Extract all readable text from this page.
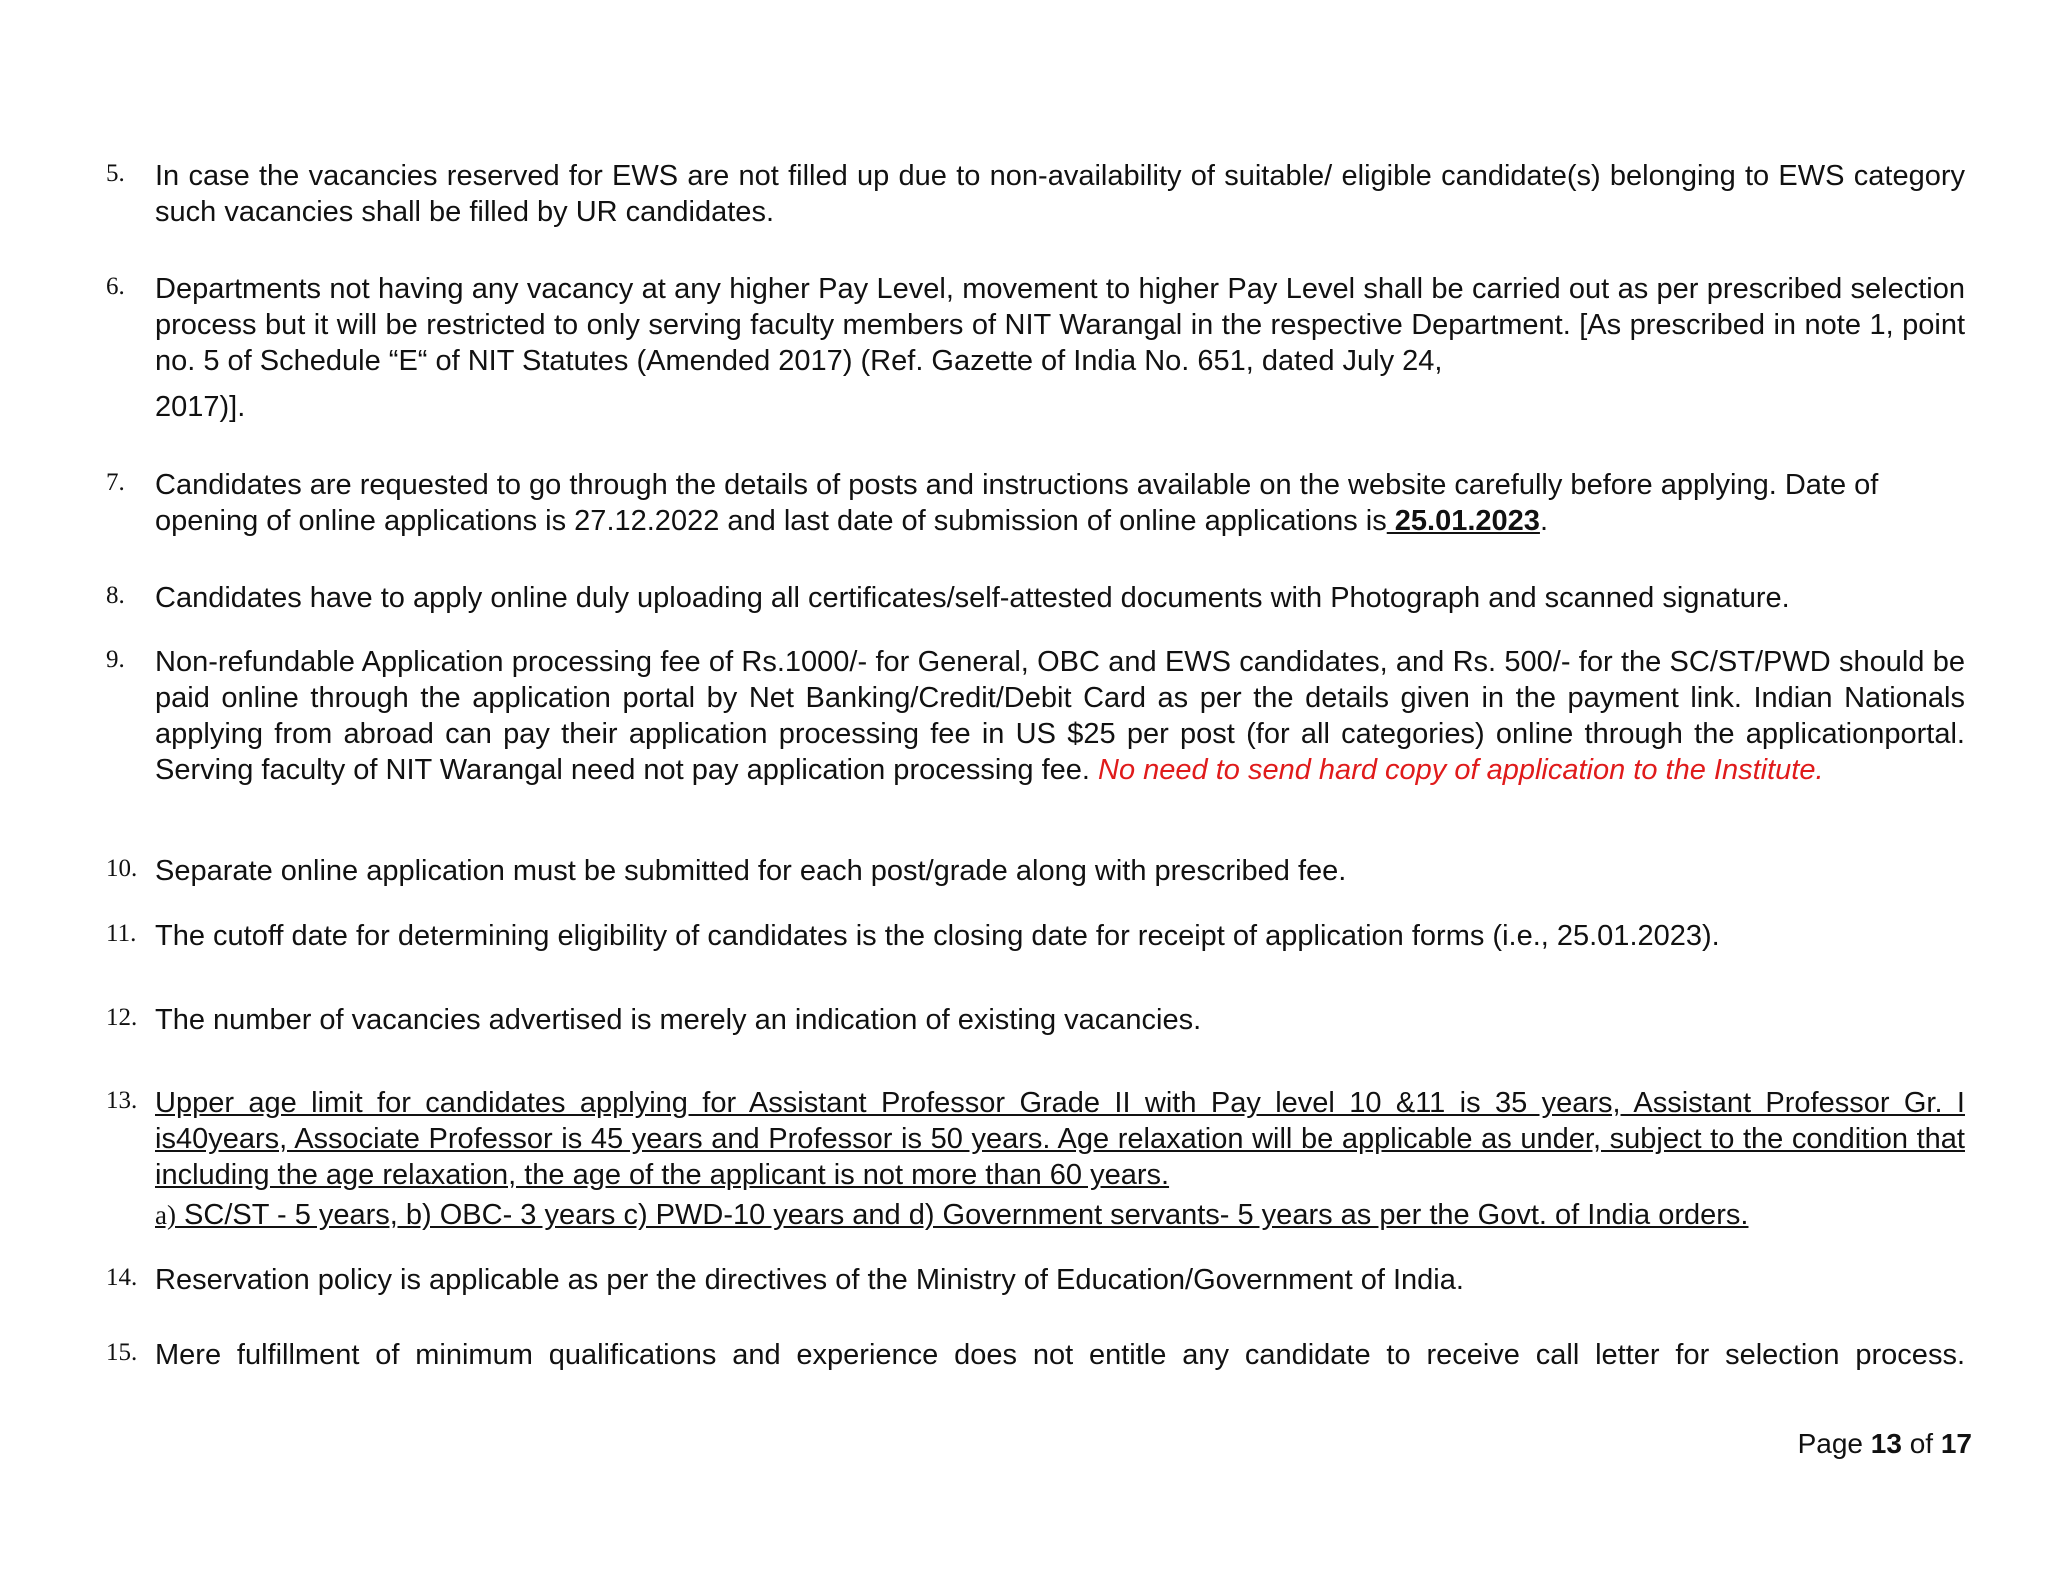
5.	In case the vacancies reserved for EWS are not filled up due to non-availability of suitable/ eligible candidate(s) belonging to EWS category such vacancies shall be filled by UR candidates.
6.	Departments not having any vacancy at any higher Pay Level, movement to higher Pay Level shall be carried out as per prescribed selection process but it will be restricted to only serving faculty members of NIT Warangal in the respective Department. [As prescribed in note 1, point no. 5 of Schedule “E“ of NIT Statutes (Amended 2017) (Ref. Gazette of India No. 651, dated July 24,
2017)].
7.	Candidates are requested to go through the details of posts and instructions available on the website carefully before applying. Date of opening of online applications is 27.12.2022 and last date of submission of online applications is 25.01.2023.
8.	Candidates have to apply online duly uploading all certificates/self-attested documents with Photograph and scanned signature.
9.	Non-refundable Application processing fee of Rs.1000/- for General, OBC and EWS candidates, and Rs. 500/- for the SC/ST/PWD should be paid online through the application portal by Net Banking/Credit/Debit Card as per the details given in the payment link. Indian Nationals applying from abroad can pay their application processing fee in US $25 per post (for all categories) online through the applicationportal. Serving faculty of NIT Warangal need not pay application processing fee. No need to send hard copy of application to the Institute.
10. Separate online application must be submitted for each post/grade along with prescribed fee.
11. The cutoff date for determining eligibility of candidates is the closing date for receipt of application forms (i.e., 25.01.2023).
12. The number of vacancies advertised is merely an indication of existing vacancies.
13. Upper age limit for candidates applying for Assistant Professor Grade II with Pay level 10 &11 is 35 years, Assistant Professor Gr. I is40years, Associate Professor is 45 years and Professor is 50 years. Age relaxation will be applicable as under, subject to the condition that including the age relaxation, the age of the applicant is not more than 60 years.
a) SC/ST - 5 years, b) OBC- 3 years c) PWD-10 years and d) Government servants- 5 years as per the Govt. of India orders.
14. Reservation policy is applicable as per the directives of the Ministry of Education/Government of India.
15. Mere fulfillment of minimum qualifications and experience does not entitle any candidate to receive call letter for selection process.
Page 13 of 17
